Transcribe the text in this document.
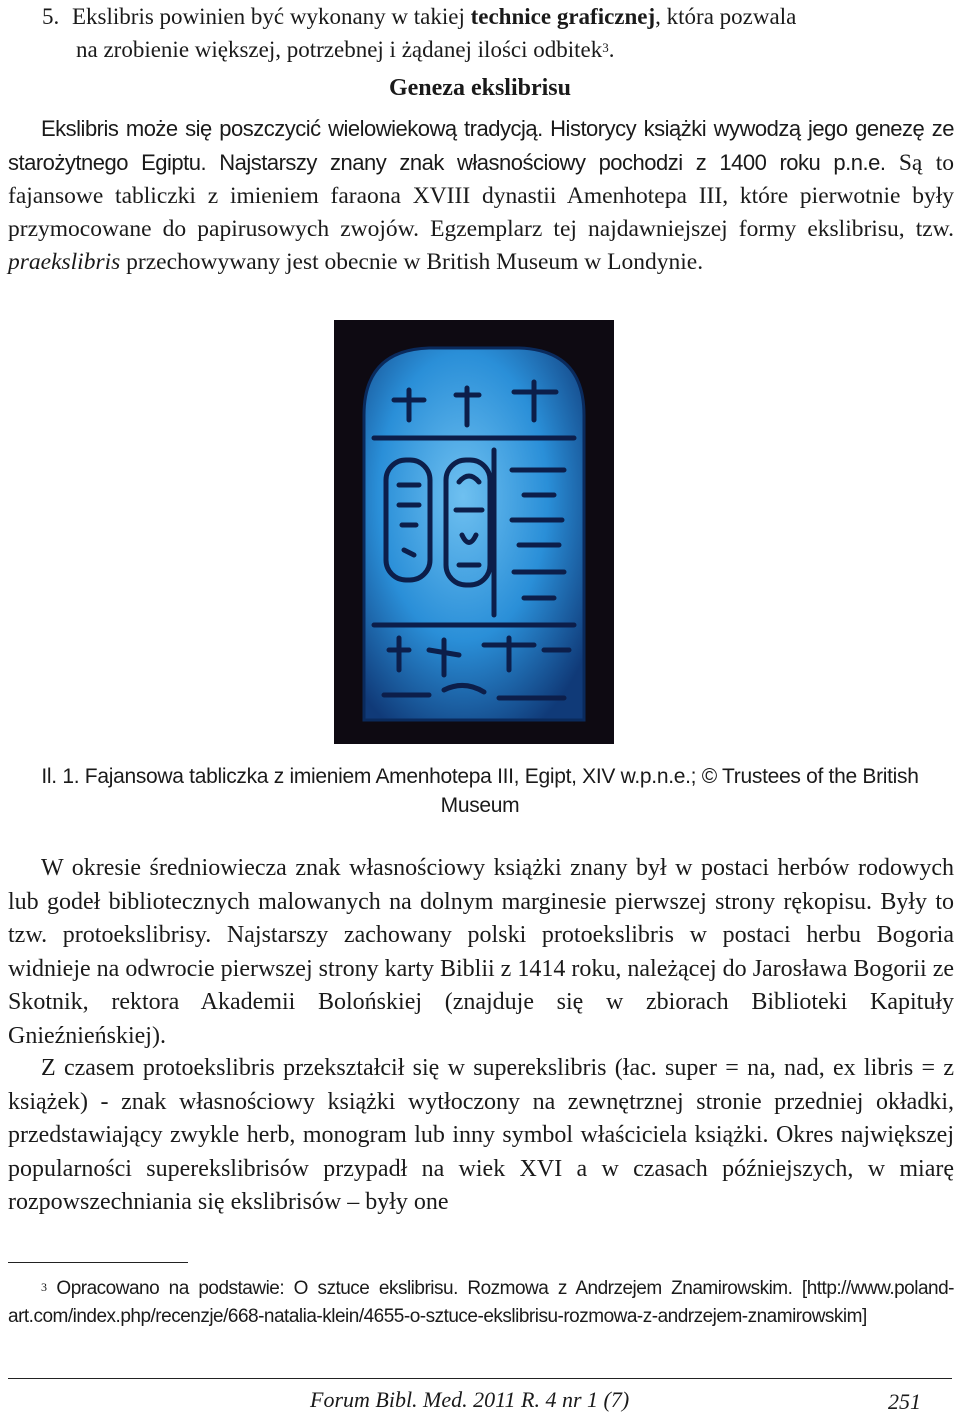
5. Ekslibris powinien być wykonany w takiej technice graficznej, która pozwala
na zrobienie większej, potrzebnej i żądanej ilości odbitek$^3$.
Geneza ekslibrisu

Ekslibris może się poszczycić wielowiekową tradycją. Historycy książki wywodzą jego genezę ze starożytnego Egiptu. Najstarszy znany znak własnościowy pochodzi z 1400 roku p.n.e. Są to fajansowe tabliczki z imieniem faraona XVIII dynastii Amenhotepa III, które pierwotnie były przymocowane do papirusowych zwojów. Egzemplarz tej najdawniejszej formy ekslibrisu, tzw. praekslibris przechowywany jest obecnie w British Museum w Londynie.

Il. 1. Fajansowa tabliczka z imieniem Amenhotepa III, Egipt, XIV w.p.n.e.; © Trustees of the British Museum

W okresie średniowiecza znak własnościowy książki znany był w postaci herbów rodowych lub godeł bibliotecznych malowanych na dolnym marginesie pierwszej strony rękopisu. Były to tzw. protoekslibrisy. Najstarszy zachowany polski protoekslibris w postaci herbu Bogoria widnieje na odwrocie pierwszej strony karty Biblii z 1414 roku, należącej do Jarosława Bogorii ze Skotnik, rektora Akademii Bolońskiej (znajduje się w zbiorach Biblioteki Kapituły Gnieźnieńskiej).

Z czasem protoekslibris przekształcił się w superekslibris (łac. super = na, nad, ex libris = z książek) - znak własnościowy książki wytłoczony na zewnętrznej stronie przedniej okładki, przedstawiający zwykle herb, monogram lub inny symbol właściciela książki. Okres największej popularności superekslibrisów przypadł na wiek XVI a w czasach późniejszych, w miarę rozpowszechniania się ekslibrisów – były one

$^3$ Opracowano na podstawie: O sztuce ekslibrisu. Rozmowa z Andrzejem Znamirowskim. [http://www.poland-art.com/index.php/recenzje/668-natalia-klein/4655-o-sztuce-ekslibrisu-rozmowa-z-andrzejem-znamirowskim]
Forum Bibl. Med. 2011 R. 4 nr 1 (7)	251
